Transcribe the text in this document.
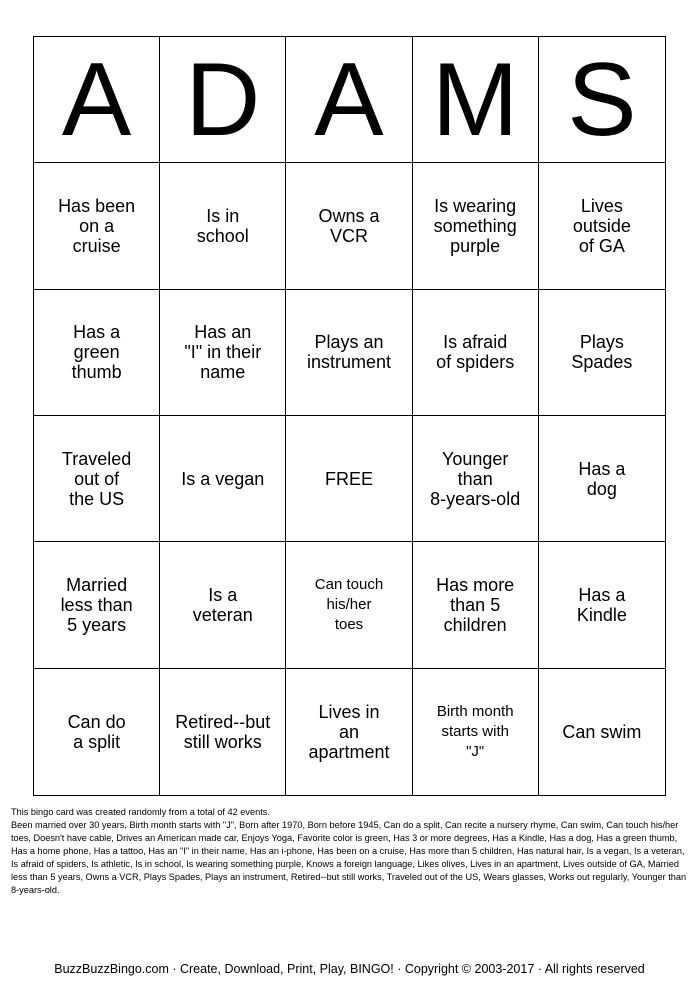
A D A M S
Has been
on a
cruise
Is in
school
Owns a
VCR
Is wearing
something
purple
Lives
outside
of GA
Has a
green
thumb
Has an
"I" in their
name
Plays an
instrument
Is afraid
of spiders
Plays
Spades
Traveled
out of
the US
Is a vegan	FREE
Younger
than
8-years-old
Has a
dog
Married
less than
5 years
Is a
veteran
Can touch
his/her
toes
Has more
than 5
children
Has a
Kindle
Can do
a split
Retired--but
still works
Lives in
an
apartment
Birth month
starts with
"J"
Can swim

This bingo card was created randomly from a total of 42 events.

Been married over 30 years, Birth month starts with "J", Born after 1970, Born before 1945, Can do a split, Can recite a nursery rhyme, Can swim, Can touch his/her toes, Doesn't have cable, Drives an American made car, Enjoys Yoga, Favorite color is green, Has 3 or more degrees, Has a Kindle, Has a dog, Has a green thumb, Has a home phone, Has a tattoo, Has an "I" in their name, Has an i-phone, Has been on a cruise, Has more than 5 children, Has natural hair, Is a vegan, Is a veteran, Is afraid of spiders, Is athletic, Is in school, Is wearing something purple, Knows a foreign language, Likes olives, Lives in an apartment, Lives outside of GA, Married less than 5 years, Owns a VCR, Plays Spades, Plays an instrument, Retired--but still works, Traveled out of the US, Wears glasses, Works out regularly, Younger than 8-years-old.

BuzzBuzzBingo.com · Create, Download, Print, Play, BINGO! · Copyright © 2003-2017 · All rights reserved
